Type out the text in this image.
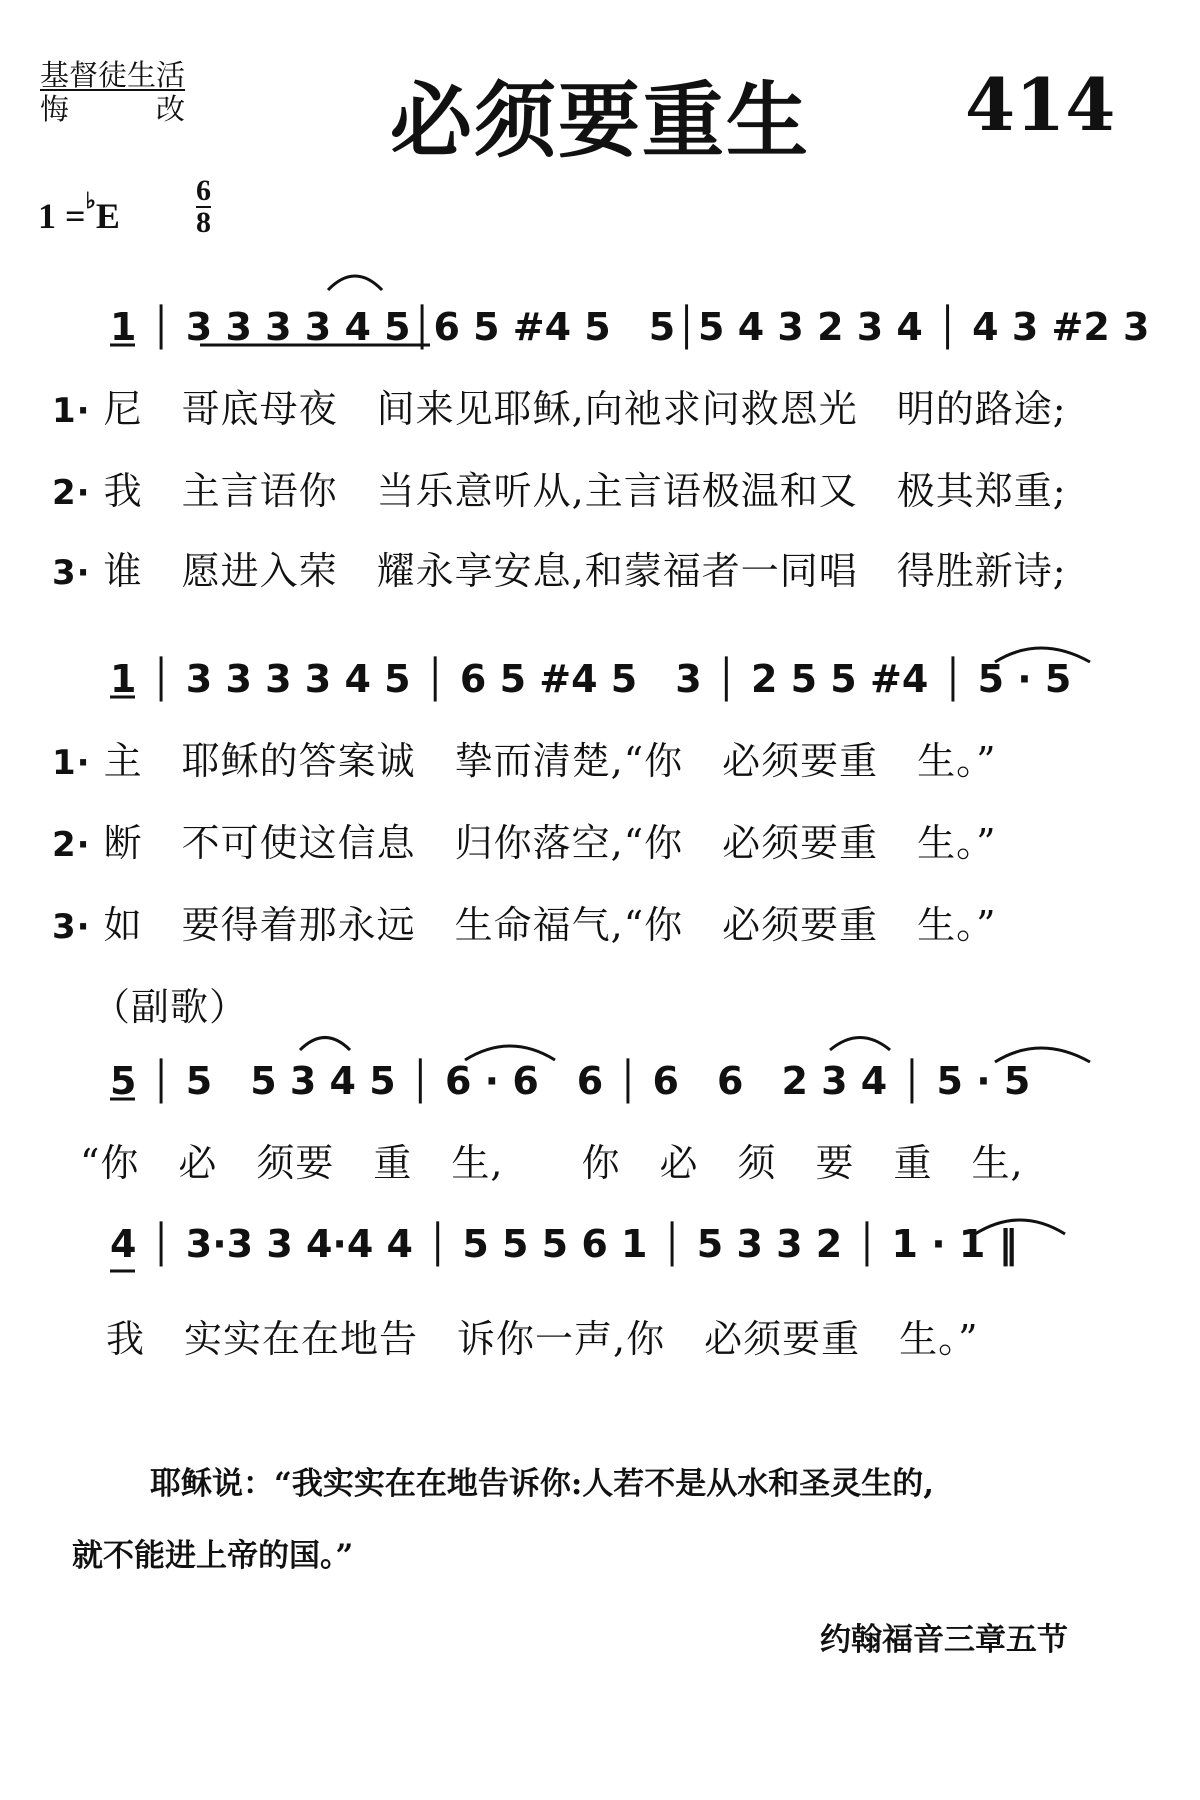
基督徒生活
悔　　　改 必须要重生 414
1 =♭E	$\frac{6}{8}$
1 │ 3 3 3 3 4 5│6 5 #4 5　5│5 4 3 2 3 4 │ 4 3 #2 3
1· 尼　哥底母夜　间来见耶稣,向祂求问救恩光　明的路途;
2· 我　主言语你　当乐意听从,主言语极温和又　极其郑重;
3· 谁　愿进入荣　耀永享安息,和蒙福者一同唱　得胜新诗;
1 │ 3 3 3 3 4 5 │ 6 5 #4 5　3 │ 2 5 5 #4 │ 5 · 5
1· 主　耶稣的答案诚　挚而清楚,“你　必须要重　生。”
2· 断　不可使这信息　归你落空,“你　必须要重　生。”
3· 如　要得着那永远　生命福气,“你　必须要重　生。”
（副歌）
5 │ 5　5 3 4 5 │ 6 · 6　6 │ 6　6　2 3 4 │ 5 · 5
“你　必　须要　重　生,　　你　必　须　要　重　生,
4 │ 3·3 3 4·4 4 │ 5 5 5 6 1 │ 5 3 3 2 │ 1 · 1 ‖
我　实实在在地告　诉你一声,你　必须要重　生。”
耶稣说：“我实实在在地告诉你:人若不是从水和圣灵生的,
就不能进上帝的国。”
约翰福音三章五节
